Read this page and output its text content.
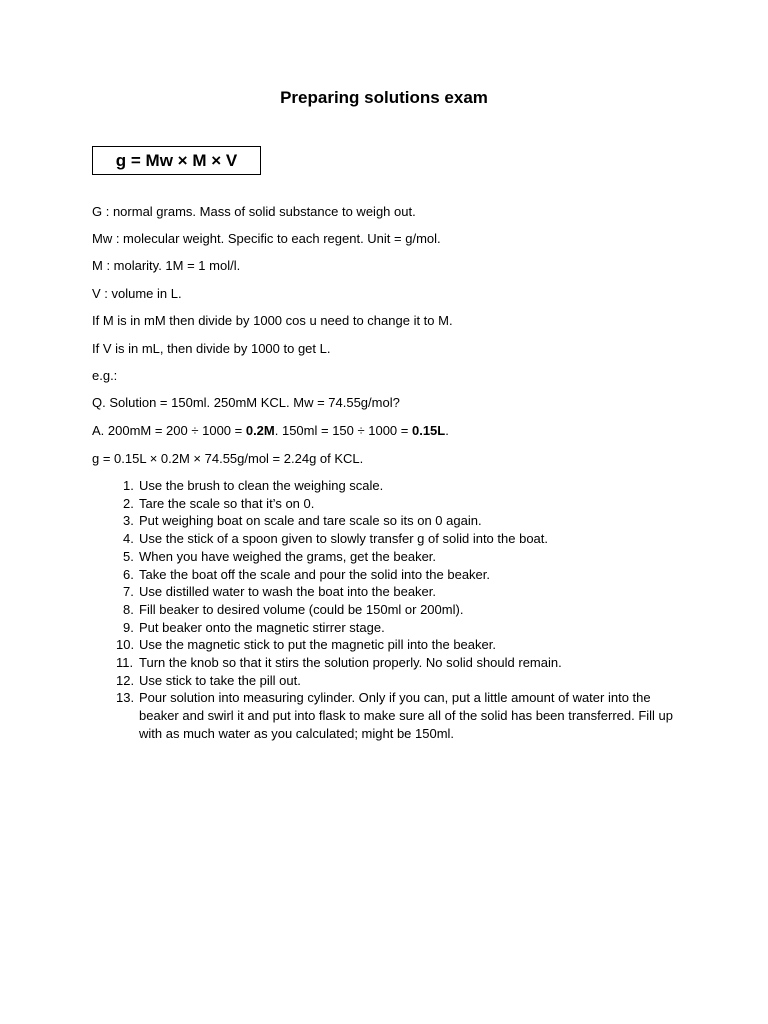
Preparing solutions exam
g = Mw × M × V
G : normal grams. Mass of solid substance to weigh out.
Mw : molecular weight. Specific to each regent. Unit = g/mol.
M : molarity. 1M = 1 mol/l.
V : volume in L.
If M is in mM then divide by 1000 cos u need to change it to M.
If V is in mL, then divide by 1000 to get L.
e.g.:
Q. Solution = 150ml. 250mM KCL. Mw = 74.55g/mol?
A. 200mM = 200 ÷ 1000 = 0.2M. 150ml = 150 ÷ 1000 = 0.15L.
g = 0.15L × 0.2M × 74.55g/mol = 2.24g of KCL.
1. Use the brush to clean the weighing scale.
2. Tare the scale so that it’s on 0.
3. Put weighing boat on scale and tare scale so its on 0 again.
4. Use the stick of a spoon given to slowly transfer g of solid into the boat.
5. When you have weighed the grams, get the beaker.
6. Take the boat off the scale and pour the solid into the beaker.
7. Use distilled water to wash the boat into the beaker.
8. Fill beaker to desired volume (could be 150ml or 200ml).
9. Put beaker onto the magnetic stirrer stage.
10. Use the magnetic stick to put the magnetic pill into the beaker.
11. Turn the knob so that it stirs the solution properly. No solid should remain.
12. Use stick to take the pill out.
13. Pour solution into measuring cylinder. Only if you can, put a little amount of water into the beaker and swirl it and put into flask to make sure all of the solid has been transferred. Fill up with as much water as you calculated; might be 150ml.
